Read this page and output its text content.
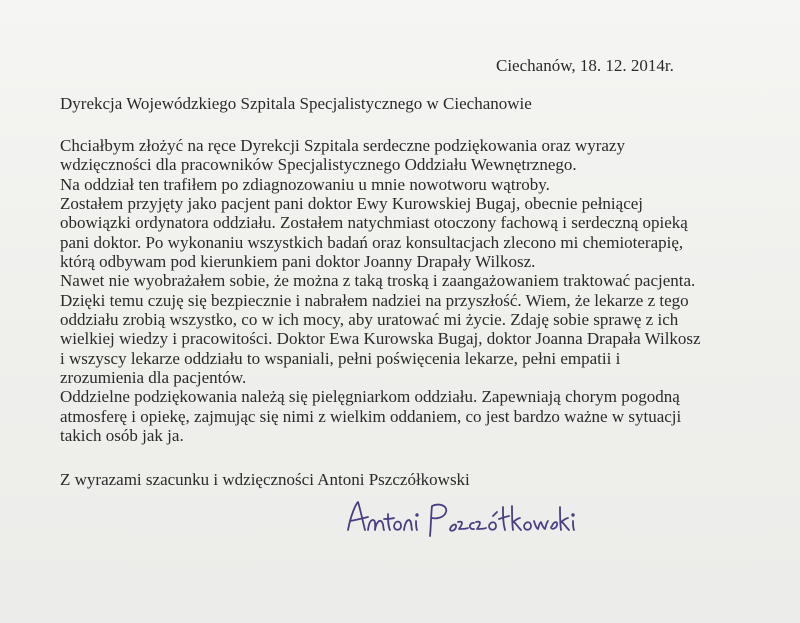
Ciechanów, 18. 12. 2014r.
Dyrekcja Wojewódzkiego Szpitala Specjalistycznego w Ciechanowie
Chciałbym złożyć na ręce Dyrekcji Szpitala serdeczne podziękowania oraz wyrazy
wdzięczności dla pracowników Specjalistycznego Oddziału Wewnętrznego.
Na oddział ten trafiłem po zdiagnozowaniu u mnie nowotworu wątroby.
Zostałem przyjęty jako pacjent pani doktor Ewy Kurowskiej Bugaj, obecnie pełniącej
obowiązki ordynatora oddziału. Zostałem natychmiast otoczony fachową i serdeczną opieką
pani doktor. Po wykonaniu wszystkich badań oraz konsultacjach zlecono mi chemioterapię,
którą odbywam pod kierunkiem pani doktor Joanny Drapały Wilkosz.
Nawet nie wyobrażałem sobie, że można z taką troską i zaangażowaniem traktować pacjenta.
Dzięki temu czuję się bezpiecznie i nabrałem nadziei na przyszłość. Wiem, że lekarze z tego
oddziału zrobią wszystko, co w ich mocy, aby uratować mi życie. Zdaję sobie sprawę z ich
wielkiej wiedzy i pracowitości. Doktor Ewa Kurowska Bugaj, doktor Joanna Drapała Wilkosz
i wszyscy lekarze oddziału to wspaniali, pełni poświęcenia lekarze, pełni empatii i
zrozumienia dla pacjentów.
Oddzielne podziękowania należą się pielęgniarkom oddziału. Zapewniają chorym pogodną
atmosferę i opiekę, zajmując się nimi z wielkim oddaniem, co jest bardzo ważne w sytuacji
takich osób jak ja.
Z wyrazami szacunku i wdzięczności Antoni Pszczółkowski
